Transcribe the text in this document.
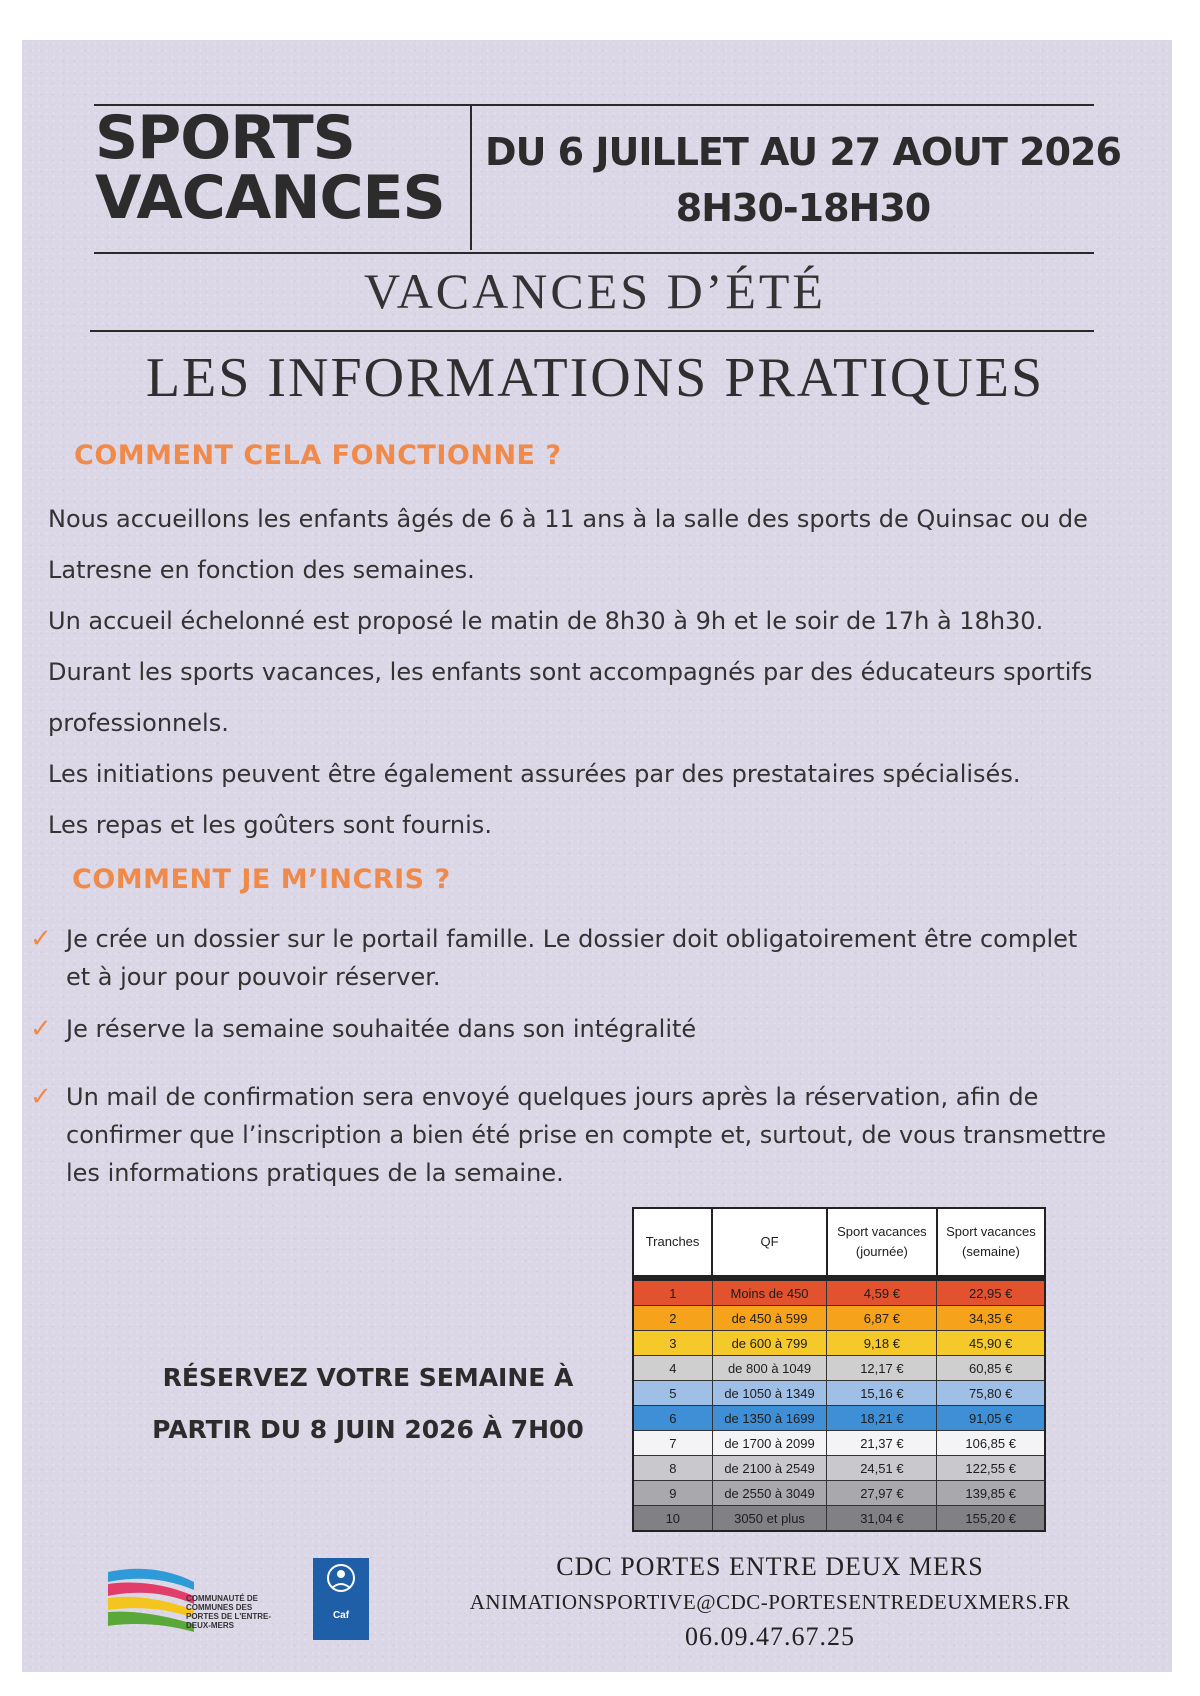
SPORTS
VACANCES
DU 6 JUILLET AU 27 AOUT 2026
8H30-18H30
VACANCES D’ÉTÉ
LES INFORMATIONS PRATIQUES
COMMENT CELA FONCTIONNE ?

Nous accueillons les enfants âgés de 6 à 11 ans à la salle des sports de Quinsac ou de Latresne en fonction des semaines.

Un accueil échelonné est proposé le matin de 8h30 à 9h et le soir de 17h à 18h30.

Durant les sports vacances, les enfants sont accompagnés par des éducateurs sportifs professionnels.

Les initiations peuvent être également assurées par des prestataires spécialisés.

Les repas et les goûters sont fournis.

COMMENT JE M’INCRIS ?
✓ Je crée un dossier sur le portail famille. Le dossier doit obligatoirement être complet et à jour pour pouvoir réserver.
✓ Je réserve la semaine souhaitée dans son intégralité
✓ Un mail de confirmation sera envoyé quelques jours après la réservation, afin de confirmer que l’inscription a bien été prise en compte et, surtout, de vous transmettre les informations pratiques de la semaine.
RÉSERVEZ VOTRE SEMAINE À
PARTIR DU 8 JUIN 2026 À 7H00
Tranches	QF	Sport vacances (journée)	Sport vacances (semaine)
1	Moins de 450	4,59 €	22,95 €
2	de 450 à 599	6,87 €	34,35 €
3	de 600 à 799	9,18 €	45,90 €
4	de 800 à 1049	12,17 €	60,85 €
5	de 1050 à 1349	15,16 €	75,80 €
6	de 1350 à 1699	18,21 €	91,05 €
7	de 1700 à 2099	21,37 €	106,85 €
8	de 2100 à 2549	24,51 €	122,55 €
9	de 2550 à 3049	27,97 €	139,85 €
10	3050 et plus	31,04 €	155,20 €
COMMUNAUTÉ DE COMMUNES DES PORTES DE L'ENTRE-DEUX-MERS
Caf
CDC PORTES ENTRE DEUX MERS
ANIMATIONSPORTIVE@CDC-PORTESENTREDEUXMERS.FR
06.09.47.67.25
